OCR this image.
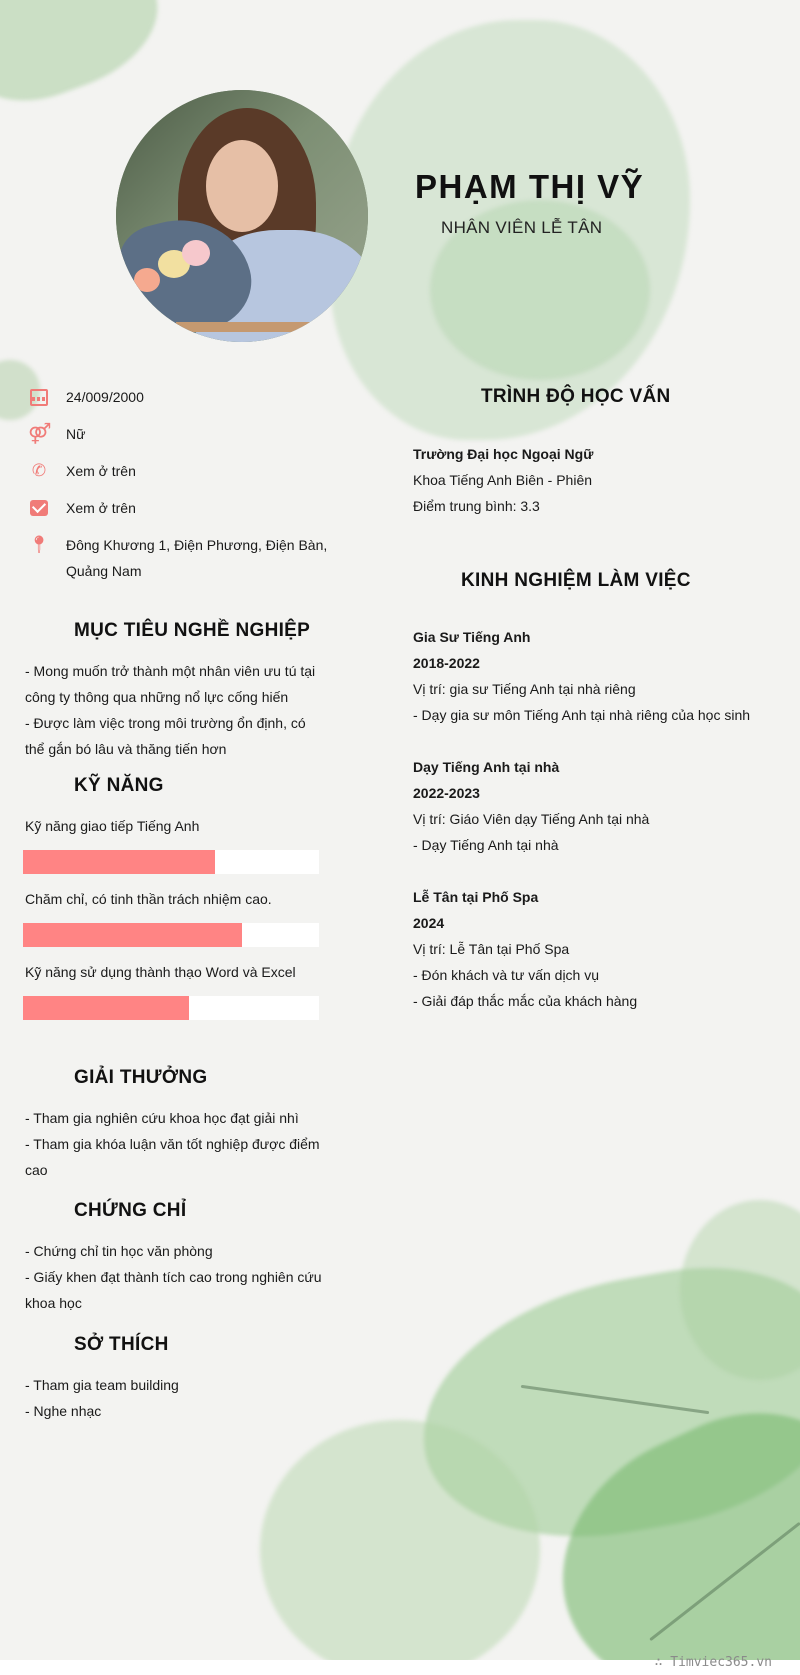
PHẠM THỊ VỸ
NHÂN VIÊN LỄ TÂN
24/009/2000
⚤ Nữ
✆ Xem ở trên
Xem ở trên
📍︎ Đông Khương 1, Điện Phương, Điện Bàn, Quảng Nam
MỤC TIÊU NGHỀ NGHIỆP

- Mong muốn trở thành một nhân viên ưu tú tại công ty thông qua những nổ lực cống hiến

- Được làm việc trong môi trường ổn định, có thể gắn bó lâu và thăng tiến hơn

KỸ NĂNG
Kỹ năng giao tiếp Tiếng Anh
Chăm chỉ, có tinh thần trách nhiệm cao.
Kỹ năng sử dụng thành thạo Word và Excel
GIẢI THƯỞNG

- Tham gia nghiên cứu khoa học đạt giải nhì

- Tham gia khóa luận văn tốt nghiệp được điểm cao

CHỨNG CHỈ

- Chứng chỉ tin học văn phòng

- Giấy khen đạt thành tích cao trong nghiên cứu khoa học

SỞ THÍCH

- Tham gia team building

- Nghe nhạc

TRÌNH ĐỘ HỌC VẤN

Trường Đại học Ngoại Ngữ

Khoa Tiếng Anh Biên - Phiên

Điểm trung bình: 3.3

KINH NGHIỆM LÀM VIỆC

Gia Sư Tiếng Anh

2018-2022

Vị trí: gia sư Tiếng Anh tại nhà riêng

- Dạy gia sư môn Tiếng Anh tại nhà riêng của học sinh

Dạy Tiếng Anh tại nhà

2022-2023

Vị trí: Giáo Viên dạy Tiếng Anh tại nhà

- Dạy Tiếng Anh tại nhà

Lễ Tân tại Phố Spa

2024

Vị trí: Lễ Tân tại Phố Spa

- Đón khách và tư vấn dịch vụ

- Giải đáp thắc mắc của khách hàng

∴ Timviec365.vn
